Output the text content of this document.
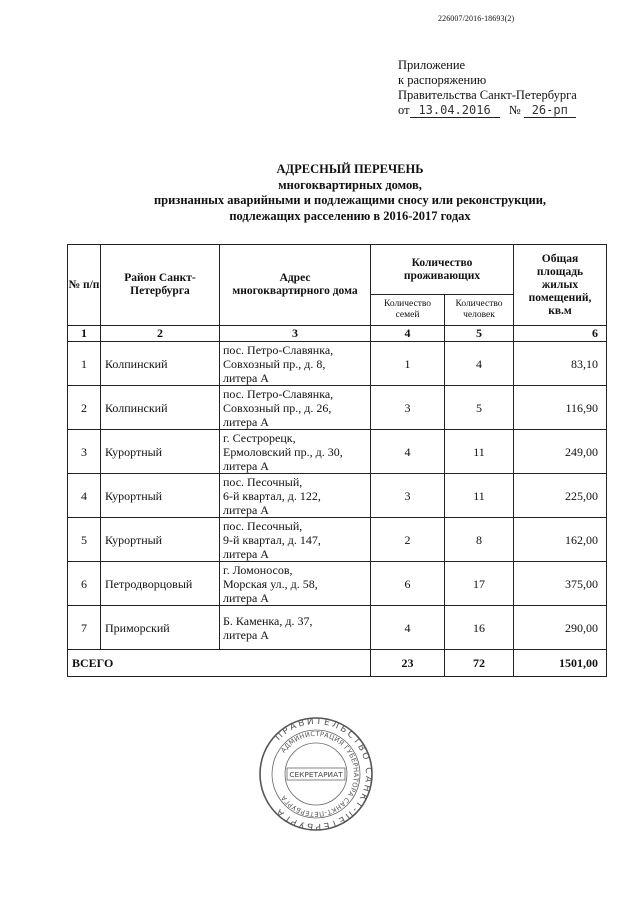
226007/2016-18693(2)
Приложение
к распоряжению
Правительства Санкт-Петербурга
от 13.04.2016 № 26-рп
АДРЕСНЫЙ ПЕРЕЧЕНЬ
многоквартирных домов,
признанных аварийными и подлежащими сносу или реконструкции,
подлежащих расселению в 2016-2017 годах
№ п/п	Район Санкт-Петербурга	Адрес многоквартирного дома	Количество проживающих		Общая площадь жилых помещений, кв.м
			Количество семей	Количество человек	
1	2	3	4	5	6
1	Колпинский	пос. Петро-Славянка,
Совхозный пр., д. 8,
литера А	1	4	83,10
2	Колпинский	пос. Петро-Славянка,
Совхозный пр., д. 26,
литера А	3	5	116,90
3	Курортный	г. Сестрорецк,
Ермоловский пр., д. 30,
литера А	4	11	249,00
4	Курортный	пос. Песочный,
6-й квартал, д. 122,
литера А	3	11	225,00
5	Курортный	пос. Песочный,
9-й квартал, д. 147,
литера А	2	8	162,00
6	Петродворцовый	г. Ломоносов,
Морская ул., д. 58,
литера А	6	17	375,00
7	Приморский	Б. Каменка, д. 37,
литера А	4	16	290,00
ВСЕГО			23	72	1501,00
ПРАВИТЕЛЬСТВО САНКТ-ПЕТЕРБУРГА
АДМИНИСТРАЦИЯ ГУБЕРНАТОРА САНКТ-ПЕТЕРБУРГА
СЕКРЕТАРИАТ
